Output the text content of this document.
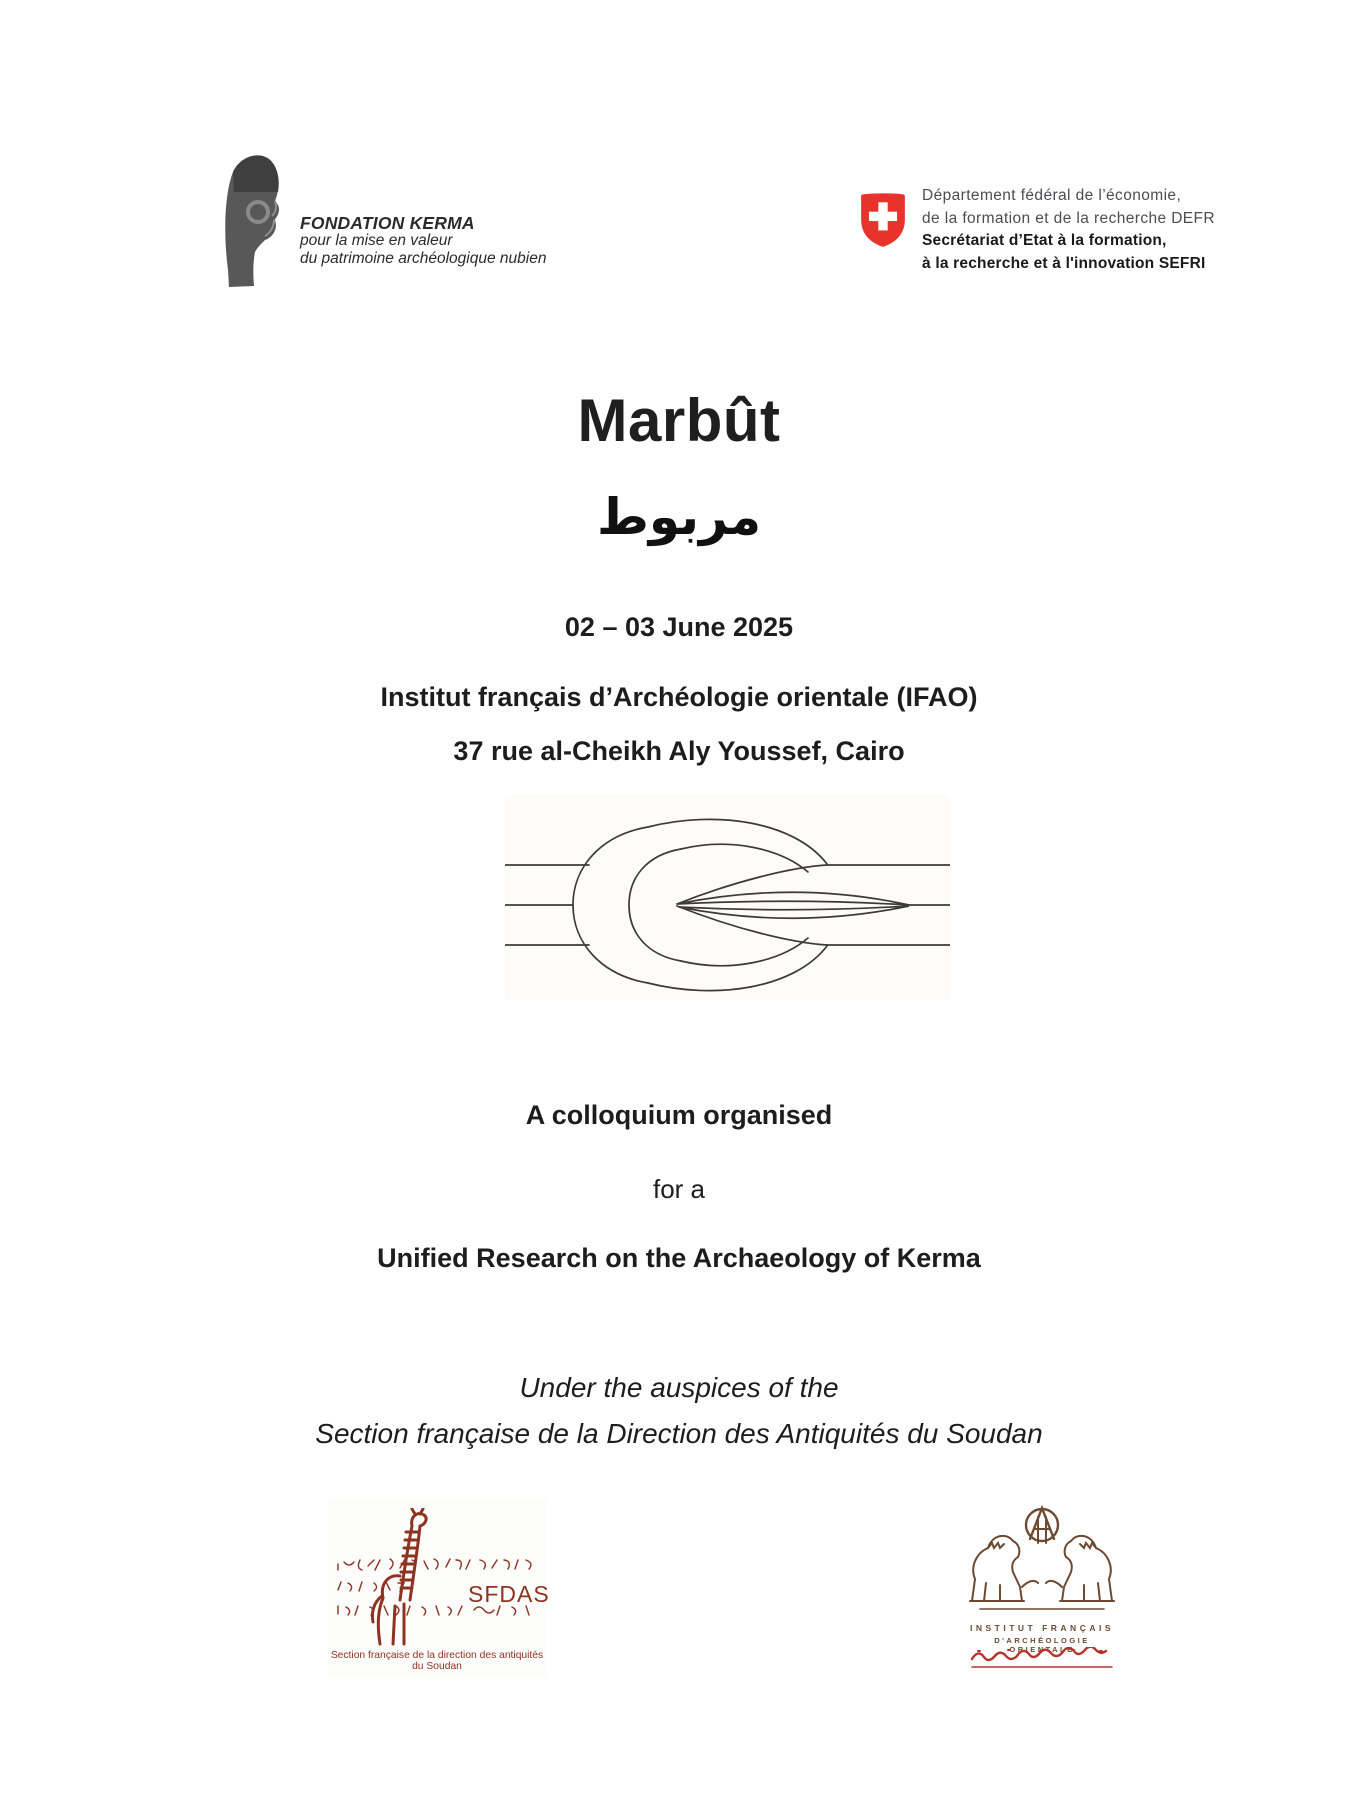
FONDATION KERMA
pour la mise en valeur
du patrimoine archéologique nubien
Département fédéral de l’économie,
de la formation et de la recherche DEFR
Secrétariat d’Etat à la formation,
à la recherche et à l'innovation SEFRI
Marbût
مربوط
02 – 03 June 2025
Institut français d’Archéologie orientale (IFAO)
37 rue al-Cheikh Aly Youssef, Cairo
A colloquium organised
for a
Unified Research on the Archaeology of Kerma
Under the auspices of the
Section française de la Direction des Antiquités du Soudan
SFDAS
Section française de la direction des antiquités du Soudan
INSTITUT FRANÇAIS
D'ARCHÉOLOGIE ORIENTALE
